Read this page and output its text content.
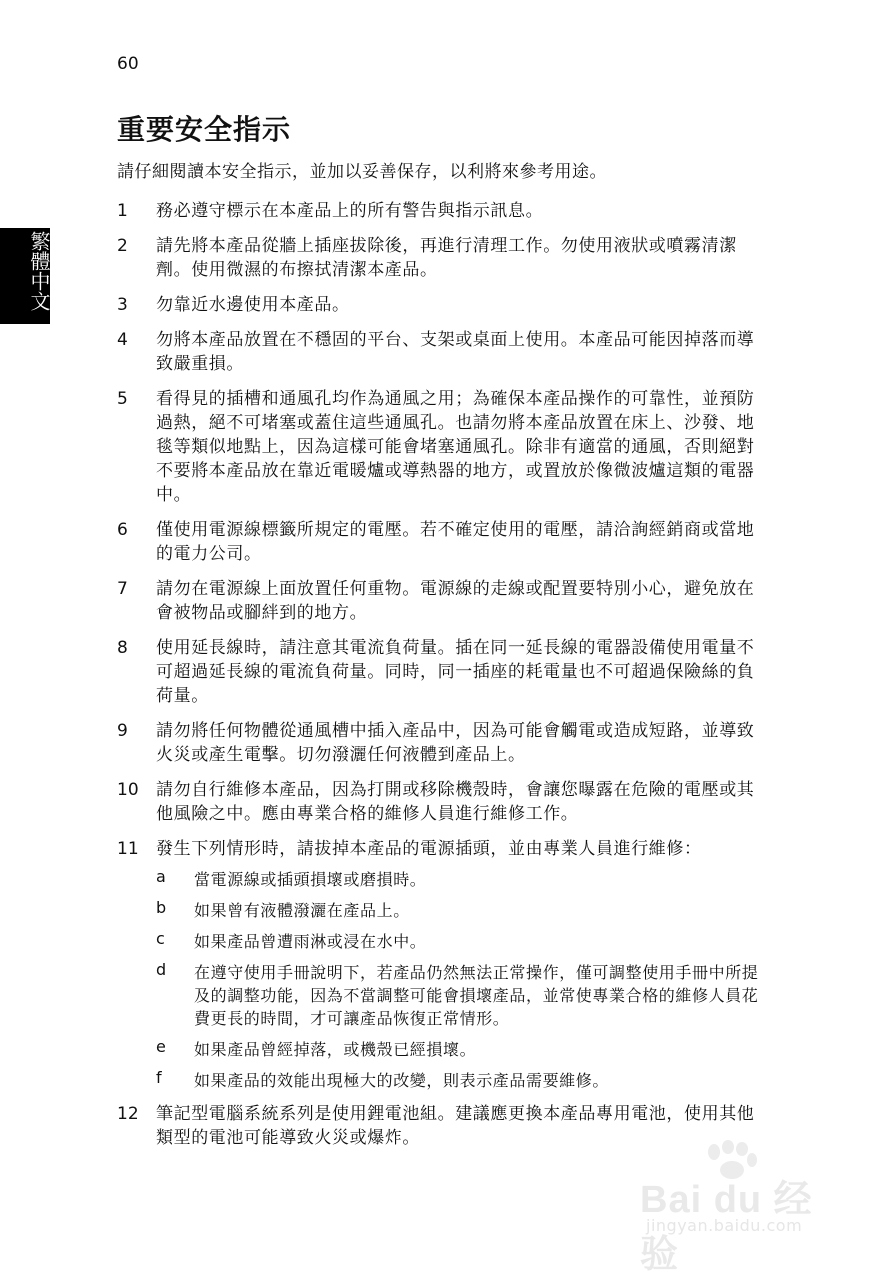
60
繁體中文
重要安全指示
請仔細閱讀本安全指示，並加以妥善保存，以利將來參考用途。
1	務必遵守標示在本產品上的所有警告與指示訊息。
2	請先將本產品從牆上插座拔除後，再進行清理工作。勿使用液狀或噴霧清潔劑。使用微濕的布擦拭清潔本產品。
3	勿靠近水邊使用本產品。
4	勿將本產品放置在不穩固的平台、支架或桌面上使用。本產品可能因掉落而導致嚴重損。
5	看得見的插槽和通風孔均作為通風之用；為確保本產品操作的可靠性，並預防過熱，絕不可堵塞或蓋住這些通風孔。也請勿將本產品放置在床上、沙發、地毯等類似地點上，因為這樣可能會堵塞通風孔。除非有適當的通風，否則絕對不要將本產品放在靠近電暖爐或導熱器的地方，或置放於像微波爐這類的電器中。
6	僅使用電源線標籤所規定的電壓。若不確定使用的電壓，請洽詢經銷商或當地的電力公司。
7	請勿在電源線上面放置任何重物。電源線的走線或配置要特別小心，避免放在會被物品或腳絆到的地方。
8	使用延長線時，請注意其電流負荷量。插在同一延長線的電器設備使用電量不可超過延長線的電流負荷量。同時，同一插座的耗電量也不可超過保險絲的負荷量。
9	請勿將任何物體從通風槽中插入產品中，因為可能會觸電或造成短路，並導致火災或產生電擊。切勿潑灑任何液體到產品上。
10	請勿自行維修本產品，因為打開或移除機殼時，會讓您曝露在危險的電壓或其他風險之中。應由專業合格的維修人員進行維修工作。
11	發生下列情形時，請拔掉本產品的電源插頭，並由專業人員進行維修：
a	當電源線或插頭損壞或磨損時。
b	如果曾有液體潑灑在產品上。
c	如果產品曾遭雨淋或浸在水中。
d	在遵守使用手冊說明下，若產品仍然無法正常操作，僅可調整使用手冊中所提及的調整功能，因為不當調整可能會損壞產品，並常使專業合格的維修人員花費更長的時間，才可讓產品恢復正常情形。
e	如果產品曾經掉落，或機殼已經損壞。
f	如果產品的效能出現極大的改變，則表示產品需要維修。
12	筆記型電腦系統系列是使用鋰電池組。建議應更換本產品專用電池，使用其他類型的電池可能導致火災或爆炸。
Bai du 经验
jingyan.baidu.com
